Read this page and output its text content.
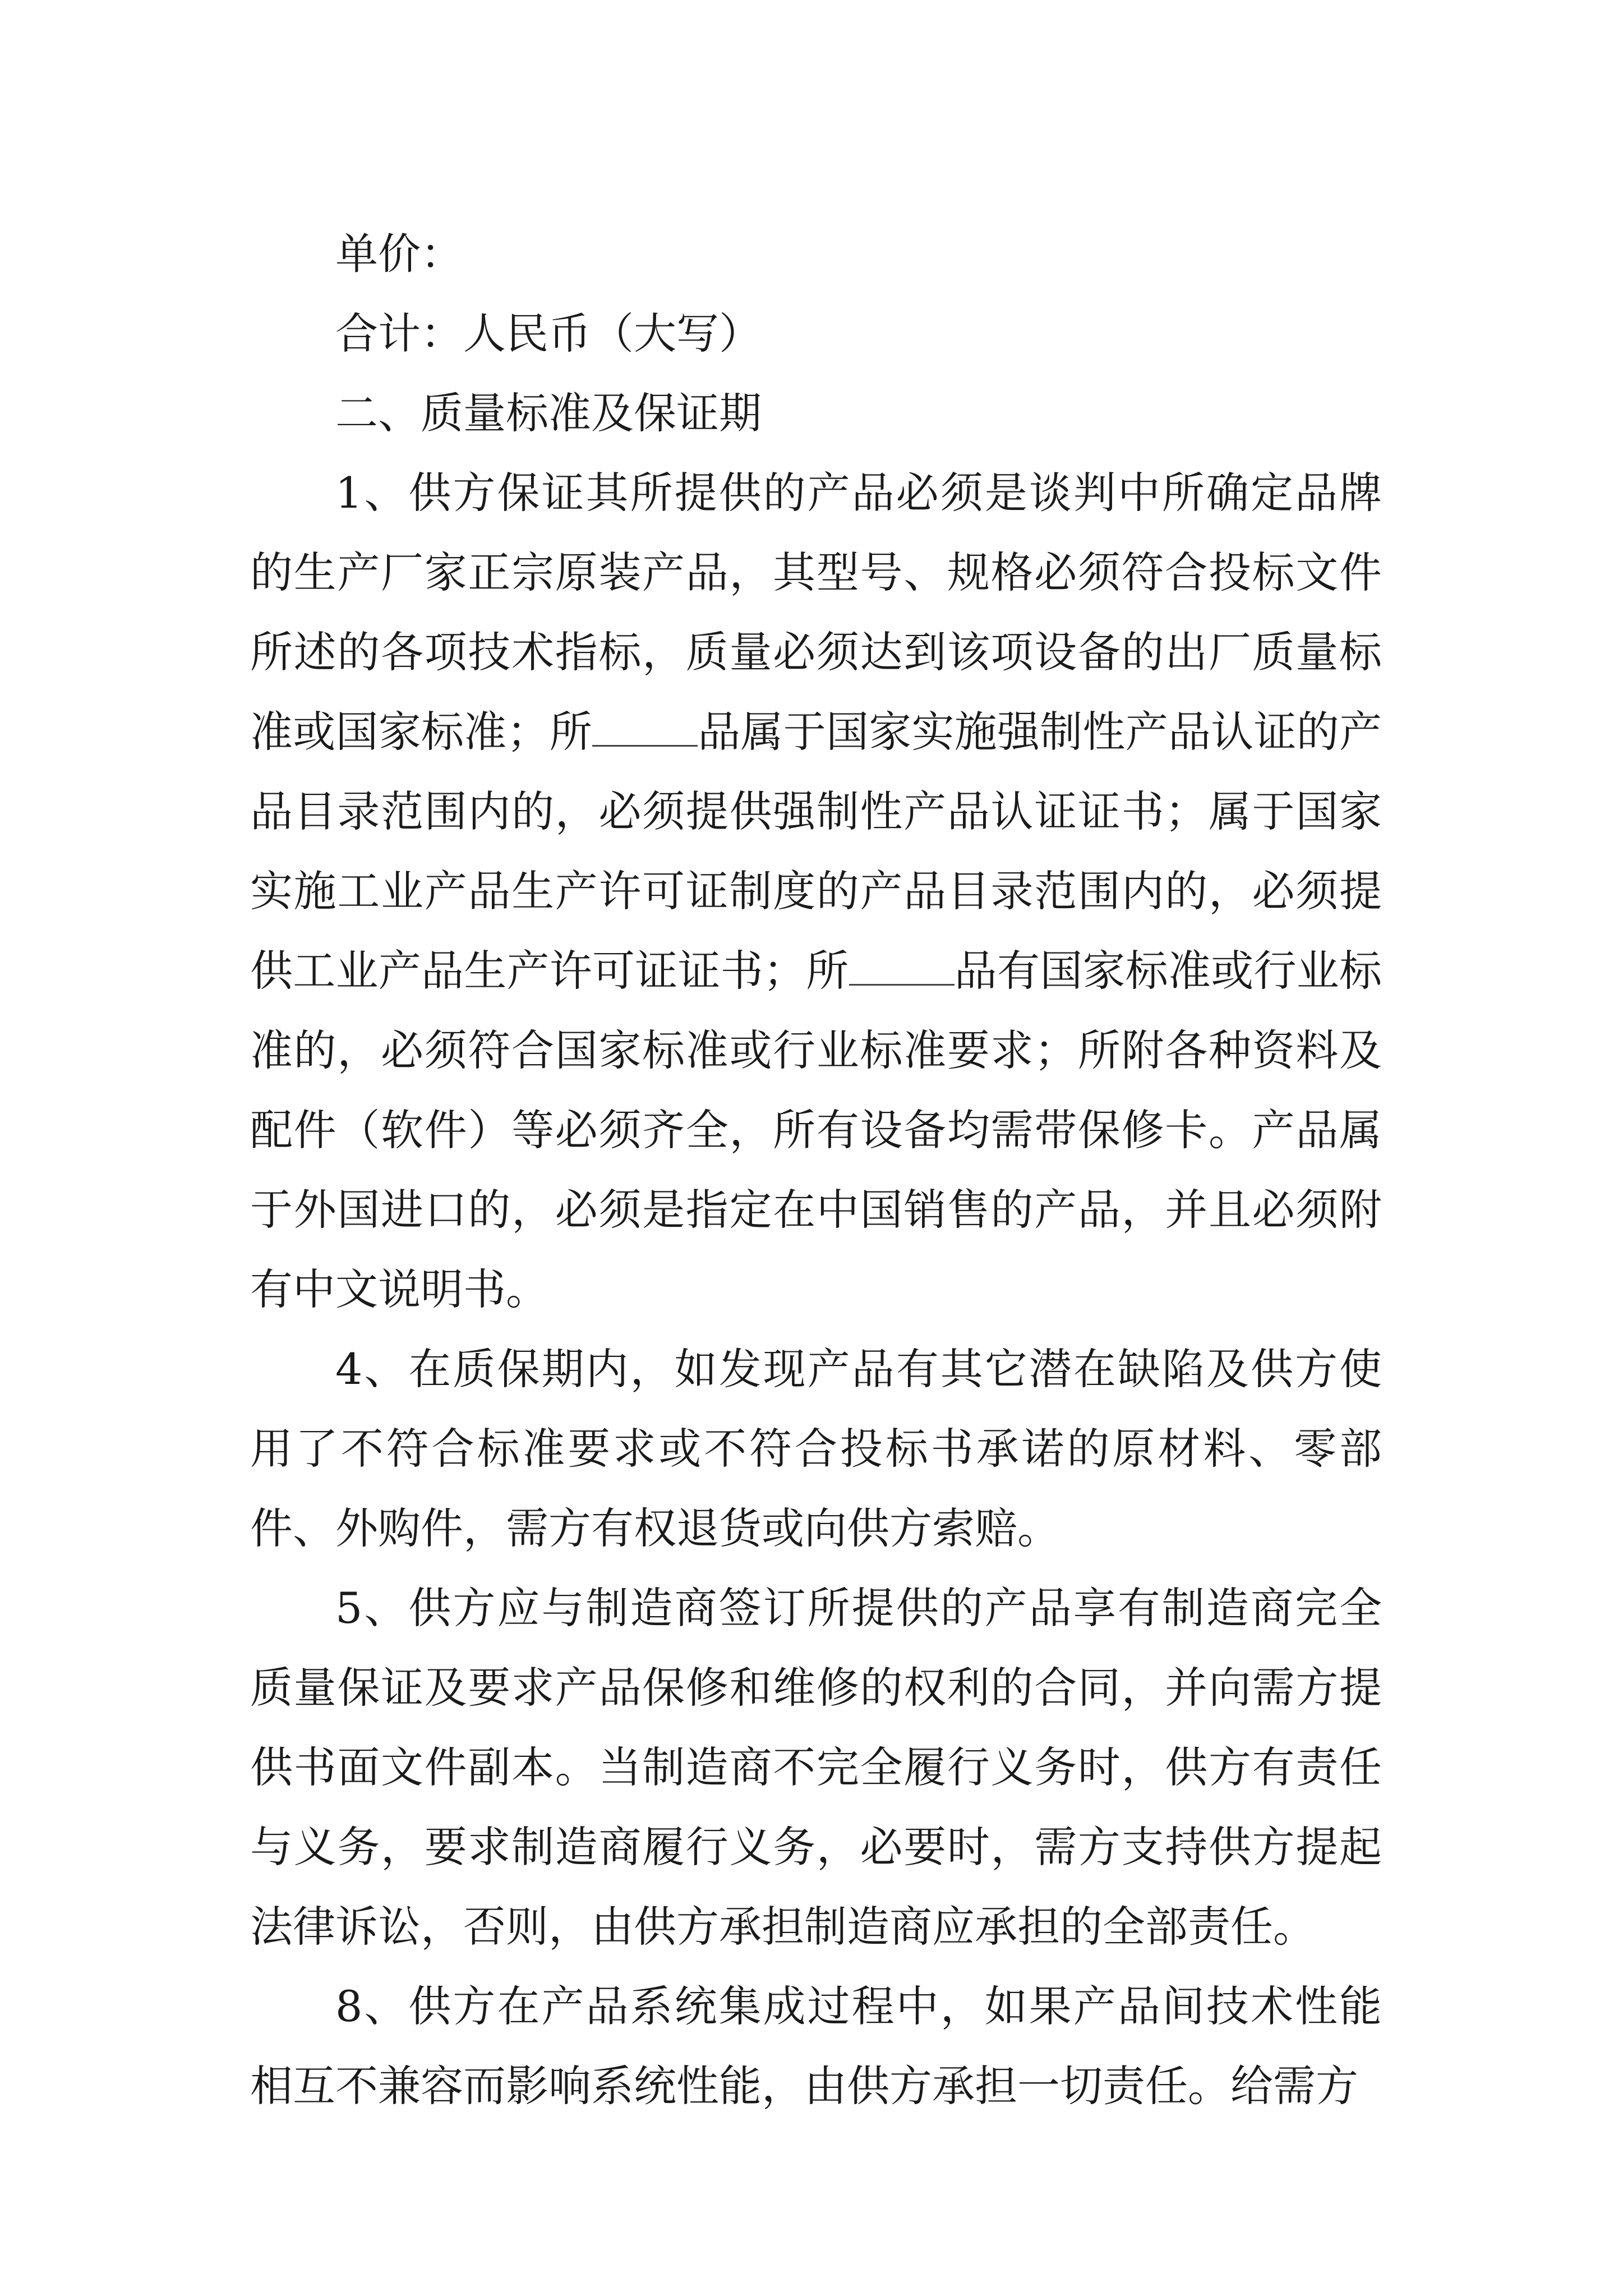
单价：

合计：人民币（大写）

二、质量标准及保证期

1、供方保证其所提供的产品必须是谈判中所确定品牌的生产厂家正宗原装产品，其型号、规格必须符合投标文件所述的各项技术指标，质量必须达到该项设备的出厂质量标准或国家标准；所 品属于国家实施强制性产品认证的产品目录范围内的，必须提供强制性产品认证证书；属于国家实施工业产品生产许可证制度的产品目录范围内的，必须提供工业产品生产许可证证书；所 品有国家标准或行业标准的，必须符合国家标准或行业标准要求；所附各种资料及配件（软件）等必须齐全，所有设备均需带保修卡。产品属于外国进口的，必须是指定在中国销售的产品，并且必须附有中文说明书。

4、在质保期内，如发现产品有其它潜在缺陷及供方使用了不符合标准要求或不符合投标书承诺的原材料、零部件、外购件，需方有权退货或向供方索赔。

5、供方应与制造商签订所提供的产品享有制造商完全质量保证及要求产品保修和维修的权利的合同，并向需方提供书面文件副本。当制造商不完全履行义务时，供方有责任与义务，要求制造商履行义务，必要时，需方支持供方提起法律诉讼，否则，由供方承担制造商应承担的全部责任。

8、供方在产品系统集成过程中，如果产品间技术性能相互不兼容而影响系统性能，由供方承担一切责任。给需方
